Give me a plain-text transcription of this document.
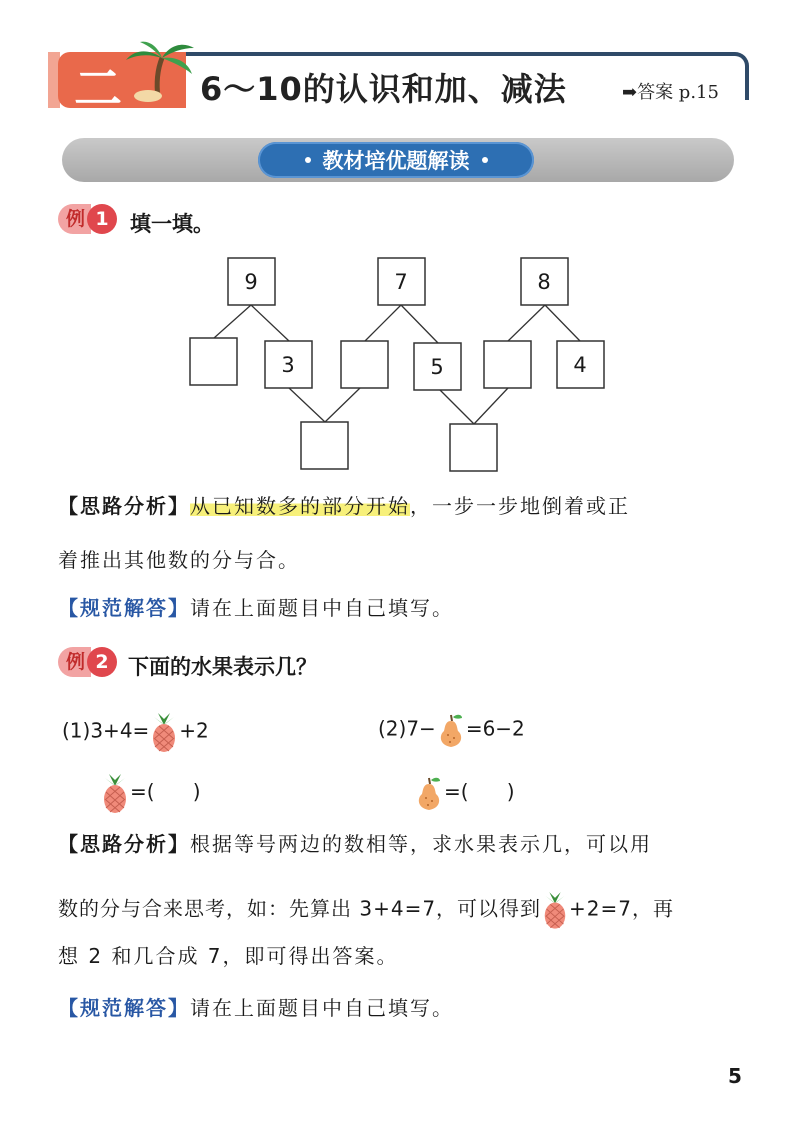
二 6～10的认识和加、减法	➡答案 p.15
教材培优题解读
例 1	填一填。
9
3
7
5
8
4
【思路分析】从已知数多的部分开始，一步一步地倒着或正
着推出其他数的分与合。
【规范解答】请在上面题目中自己填写。
例 2 下面的水果表示几？
(1)3+4= +2	(2)7− =6−2
=(      )	=(      )
【思路分析】根据等号两边的数相等，求水果表示几，可以用
数的分与合来思考，如：先算出 3+4=7，可以得到 +2=7，再
想 2 和几合成 7，即可得出答案。
【规范解答】请在上面题目中自己填写。
5
